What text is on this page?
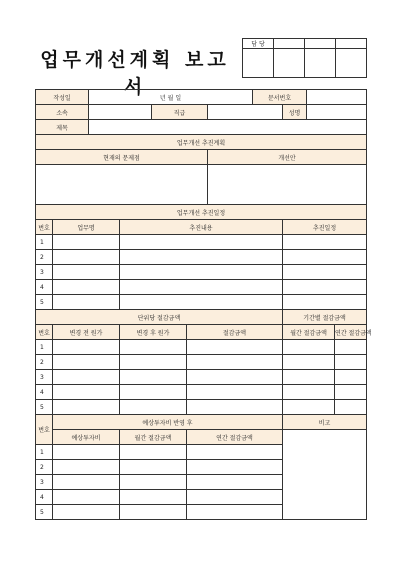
업무개선계획 보고서
담 당			

작성일		년 월 일					문서번호			
소속				직급				성명		
제목										
업무개선 추진계획										
현재의 문제점						개선안				

업무개선 추진일정										
번호	업무명		추진내용					추진일정		
1										
2										
3										
4										
5										
단위당 절감금액								기간별 절감금액		
번호	변경 전 원가		변경 후 원가		절감금액			월간 절감금액		연간 절감금액
1										
2										
3										
4										
5										
번호	예상투자비 반영 후							비고		
	예상투자비		월간 절감금액		연간 절감금액					
1										
2										
3										
4										
5										
